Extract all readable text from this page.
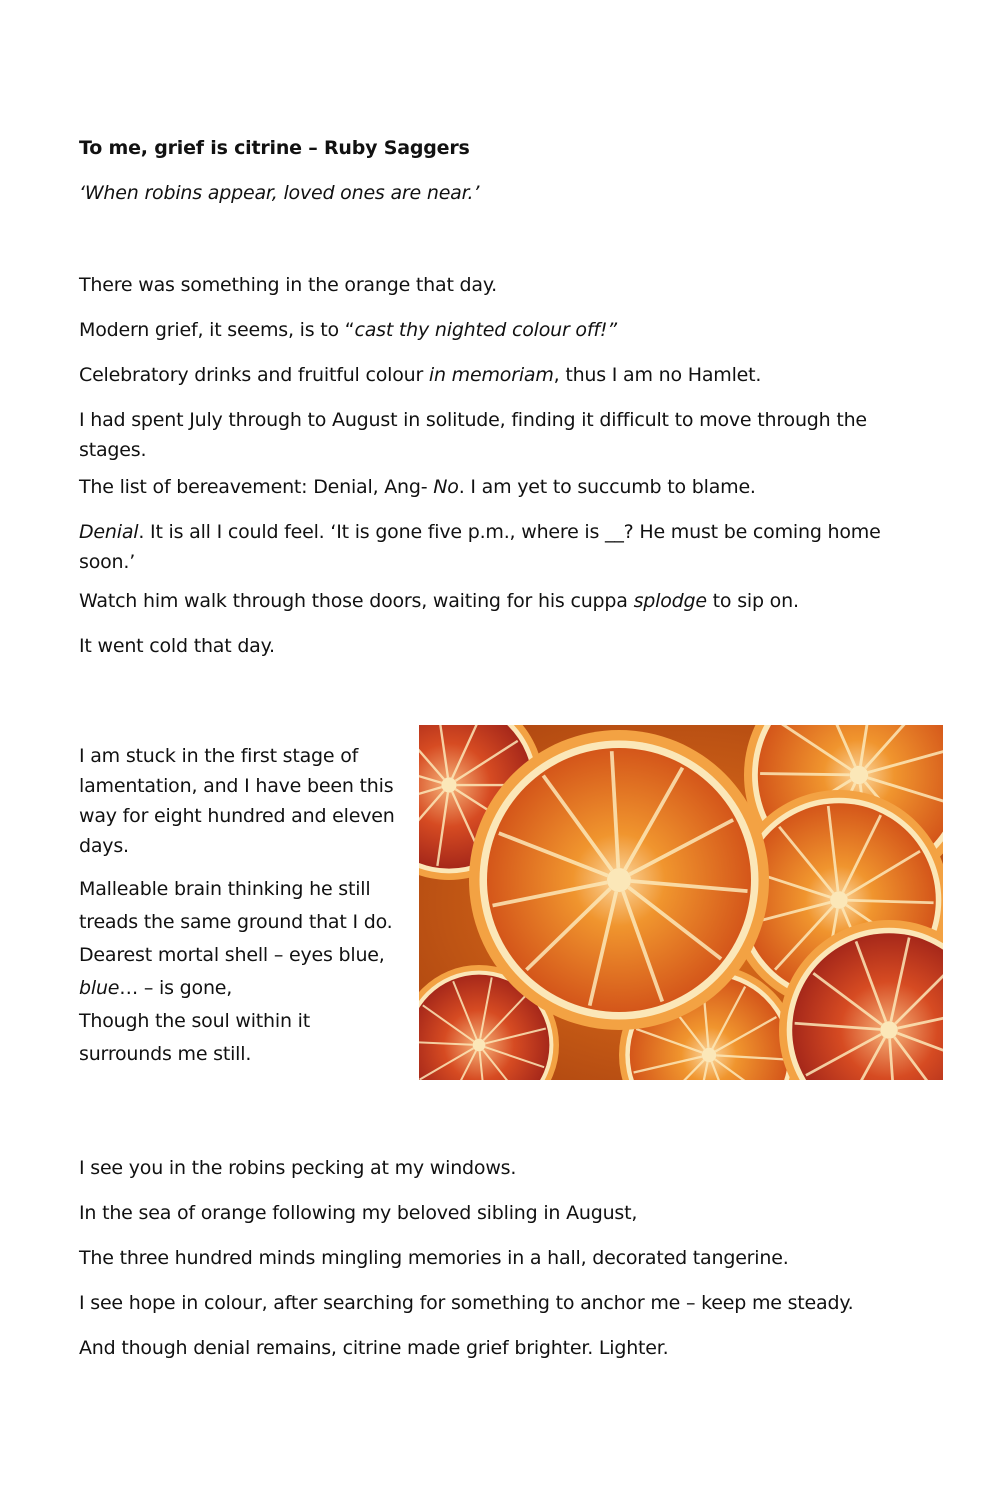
To me, grief is citrine – Ruby Saggers

‘When robins appear, loved ones are near.’

There was something in the orange that day.

Modern grief, it seems, is to “cast thy nighted colour off!”

Celebratory drinks and fruitful colour in memoriam, thus I am no Hamlet.

I had spent July through to August in solitude, finding it difficult to move through the stages.

The list of bereavement: Denial, Ang- No. I am yet to succumb to blame.

Denial. It is all I could feel. ‘It is gone five p.m., where is __? He must be coming home soon.’

Watch him walk through those doors, waiting for his cuppa splodge to sip on.

It went cold that day.

I am stuck in the first stage of lamentation, and I have been this way for eight hundred and eleven days.

Malleable brain thinking he still
treads the same ground that I do.
Dearest mortal shell – eyes blue,
blue… – is gone,
Though the soul within it
surrounds me still.

I see you in the robins pecking at my windows.

In the sea of orange following my beloved sibling in August,

The three hundred minds mingling memories in a hall, decorated tangerine.

I see hope in colour, after searching for something to anchor me – keep me steady.

And though denial remains, citrine made grief brighter. Lighter.
